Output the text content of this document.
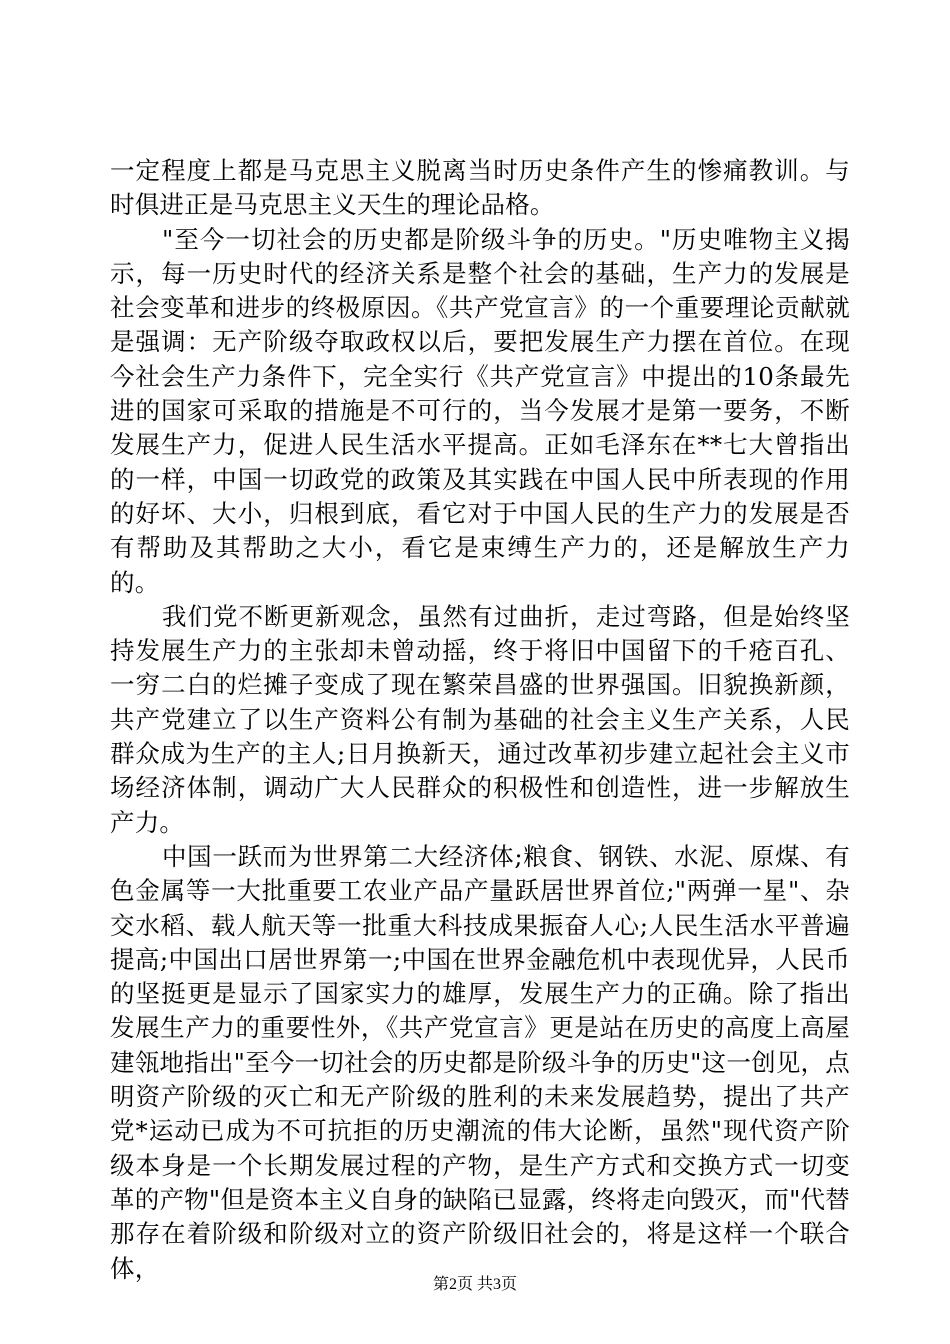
一定程度上都是马克思主义脱离当时历史条件产生的惨痛教训。与时俱进正是马克思主义天生的理论品格。

"至今一切社会的历史都是阶级斗争的历史。"历史唯物主义揭示，每一历史时代的经济关系是整个社会的基础，生产力的发展是社会变革和进步的终极原因。《共产党宣言》的一个重要理论贡献就是强调：无产阶级夺取政权以后，要把发展生产力摆在首位。在现今社会生产力条件下，完全实行《共产党宣言》中提出的10条最先进的国家可采取的措施是不可行的，当今发展才是第一要务，不断发展生产力，促进人民生活水平提高。正如毛泽东在**七大曾指出的一样，中国一切政党的政策及其实践在中国人民中所表现的作用的好坏、大小，归根到底，看它对于中国人民的生产力的发展是否有帮助及其帮助之大小，看它是束缚生产力的，还是解放生产力的。

我们党不断更新观念，虽然有过曲折，走过弯路，但是始终坚持发展生产力的主张却未曾动摇，终于将旧中国留下的千疮百孔、一穷二白的烂摊子变成了现在繁荣昌盛的世界强国。旧貌换新颜，共产党建立了以生产资料公有制为基础的社会主义生产关系，人民群众成为生产的主人;日月换新天，通过改革初步建立起社会主义市场经济体制，调动广大人民群众的积极性和创造性，进一步解放生产力。

中国一跃而为世界第二大经济体;粮食、钢铁、水泥、原煤、有色金属等一大批重要工农业产品产量跃居世界首位;"两弹一星"、杂交水稻、载人航天等一批重大科技成果振奋人心;人民生活水平普遍提高;中国出口居世界第一;中国在世界金融危机中表现优异，人民币的坚挺更是显示了国家实力的雄厚，发展生产力的正确。除了指出发展生产力的重要性外，《共产党宣言》更是站在历史的高度上高屋建瓴地指出"至今一切社会的历史都是阶级斗争的历史"这一创见，点明资产阶级的灭亡和无产阶级的胜利的未来发展趋势，提出了共产党*运动已成为不可抗拒的历史潮流的伟大论断，虽然"现代资产阶级本身是一个长期发展过程的产物，是生产方式和交换方式一切变革的产物"但是资本主义自身的缺陷已显露，终将走向毁灭，而"代替那存在着阶级和阶级对立的资产阶级旧社会的，将是这样一个联合体，

第2页 共3页
